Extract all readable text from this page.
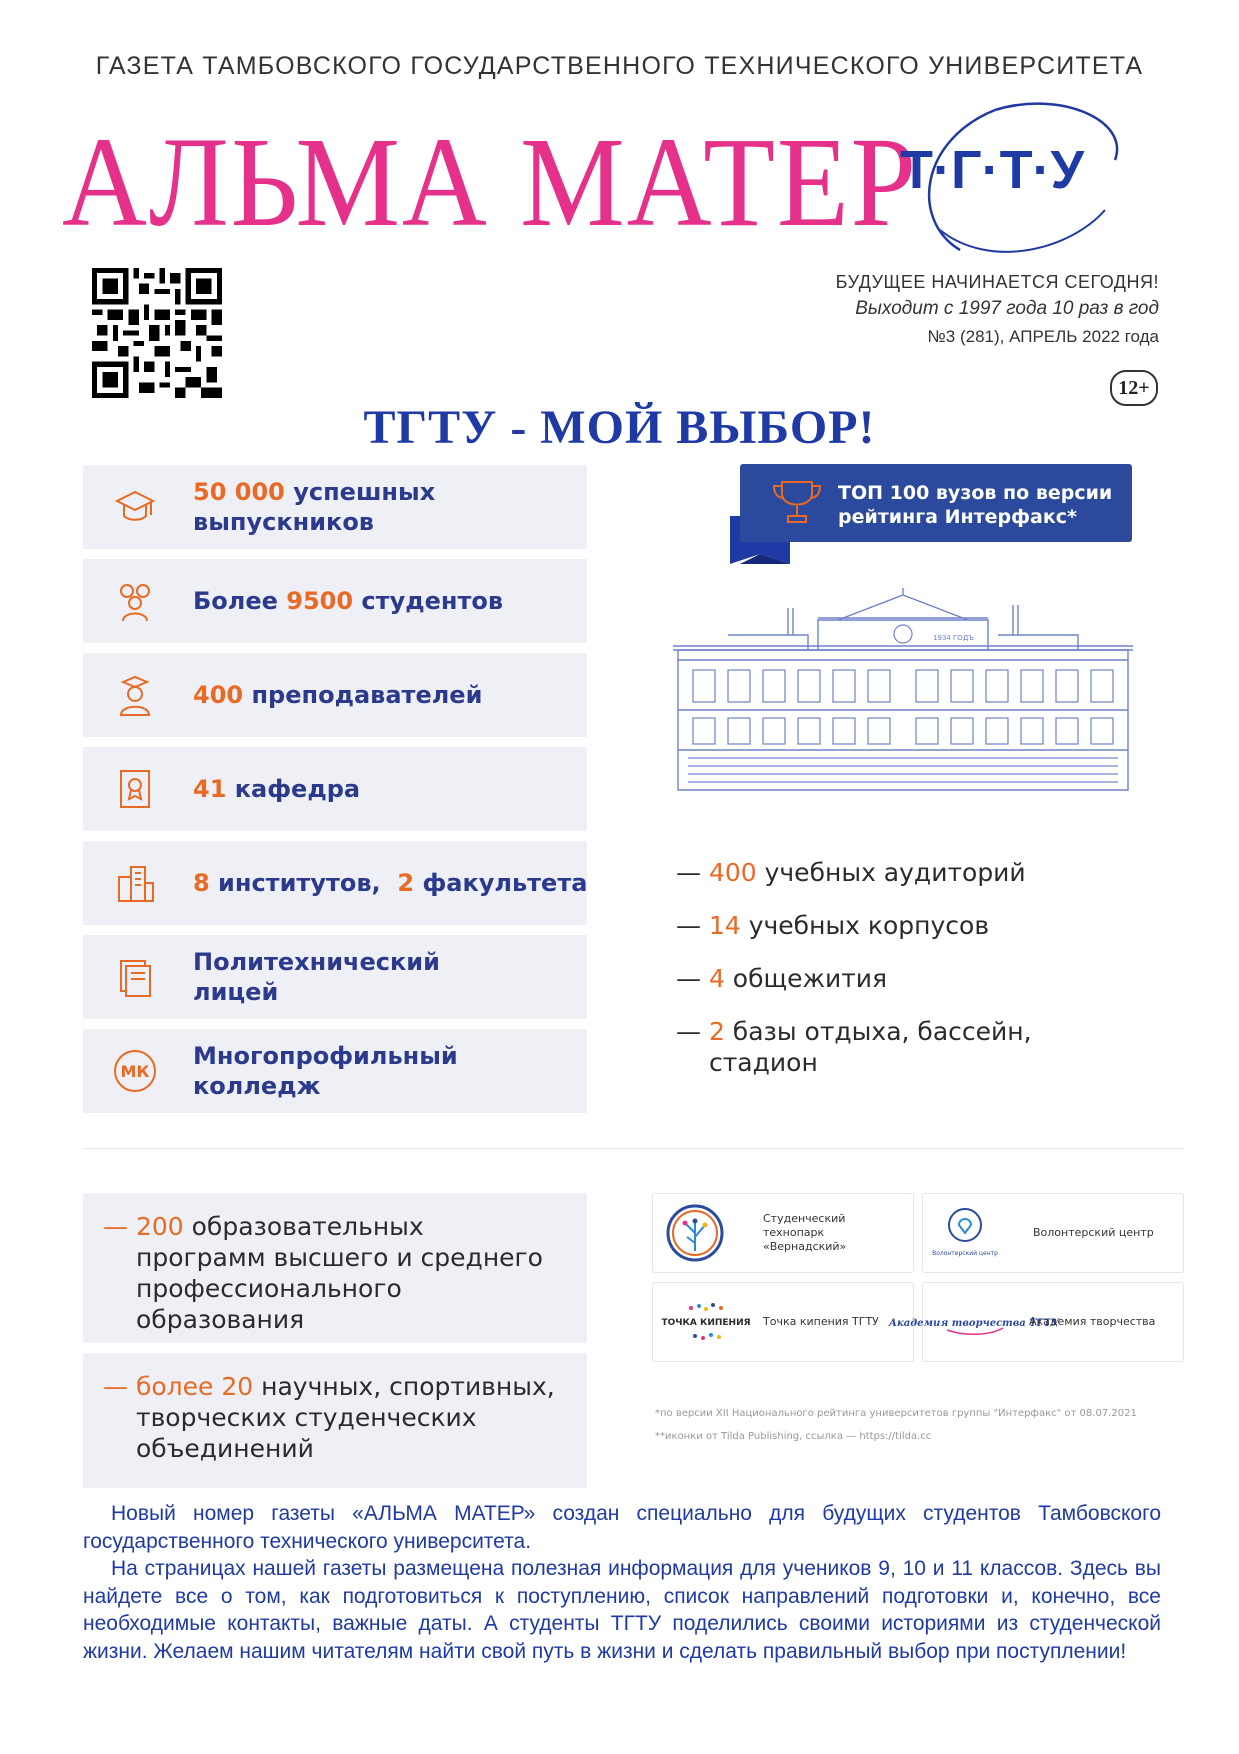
ГАЗЕТА ТАМБОВСКОГО ГОСУДАРСТВЕННОГО ТЕХНИЧЕСКОГО УНИВЕРСИТЕТА
АЛЬМА МАТЕР
Т·Г·Т·У
БУДУЩЕЕ НАЧИНАЕТСЯ СЕГОДНЯ!
Выходит с 1997 года 10 раз в год
№3 (281), АПРЕЛЬ 2022 года
12+
ТГТУ - МОЙ ВЫБОР!
50 000 успешных выпускников
Более 9500 студентов
400 преподавателей
41 кафедра
8 институтов,  2 факультета
Политехнический лицей
МК
Многопрофильный колледж
ТОП 100 вузов по версии рейтинга Интерфакс*
1934 ГОДЪ
— 400 учебных аудиторий
— 14 учебных корпусов
— 4 общежития
— 2 базы отдыха, бассейн,
стадион
— 200 образовательных
программ высшего и среднего
профессионального
образования
— более 20 научных, спортивных,
творческих студенческих
объединений
Студенческий технопарк «Вернадский»
Волонтерский центр
Волонтерский центр
ТОЧКА КИПЕНИЯ Точка кипения ТГТУ Академия творчества ТГТУ
Академия творчества
*по версии XII Национального рейтинга университетов группы "Интерфакс" от 08.07.2021
**иконки от Tilda Publishing, ссылка — https://tilda.cc

Новый номер газеты «АЛЬМА МАТЕР» создан специально для будущих студентов Тамбовского государственного технического университета.

На страницах нашей газеты размещена полезная информация для учеников 9, 10 и 11 классов. Здесь вы найдете все о том, как подготовиться к поступлению, список направлений подготовки и, конечно, все необходимые контакты, важные даты. А студенты ТГТУ поделились своими историями из студенческой жизни. Желаем нашим читателям найти свой путь в жизни и сделать правильный выбор при поступлении!
